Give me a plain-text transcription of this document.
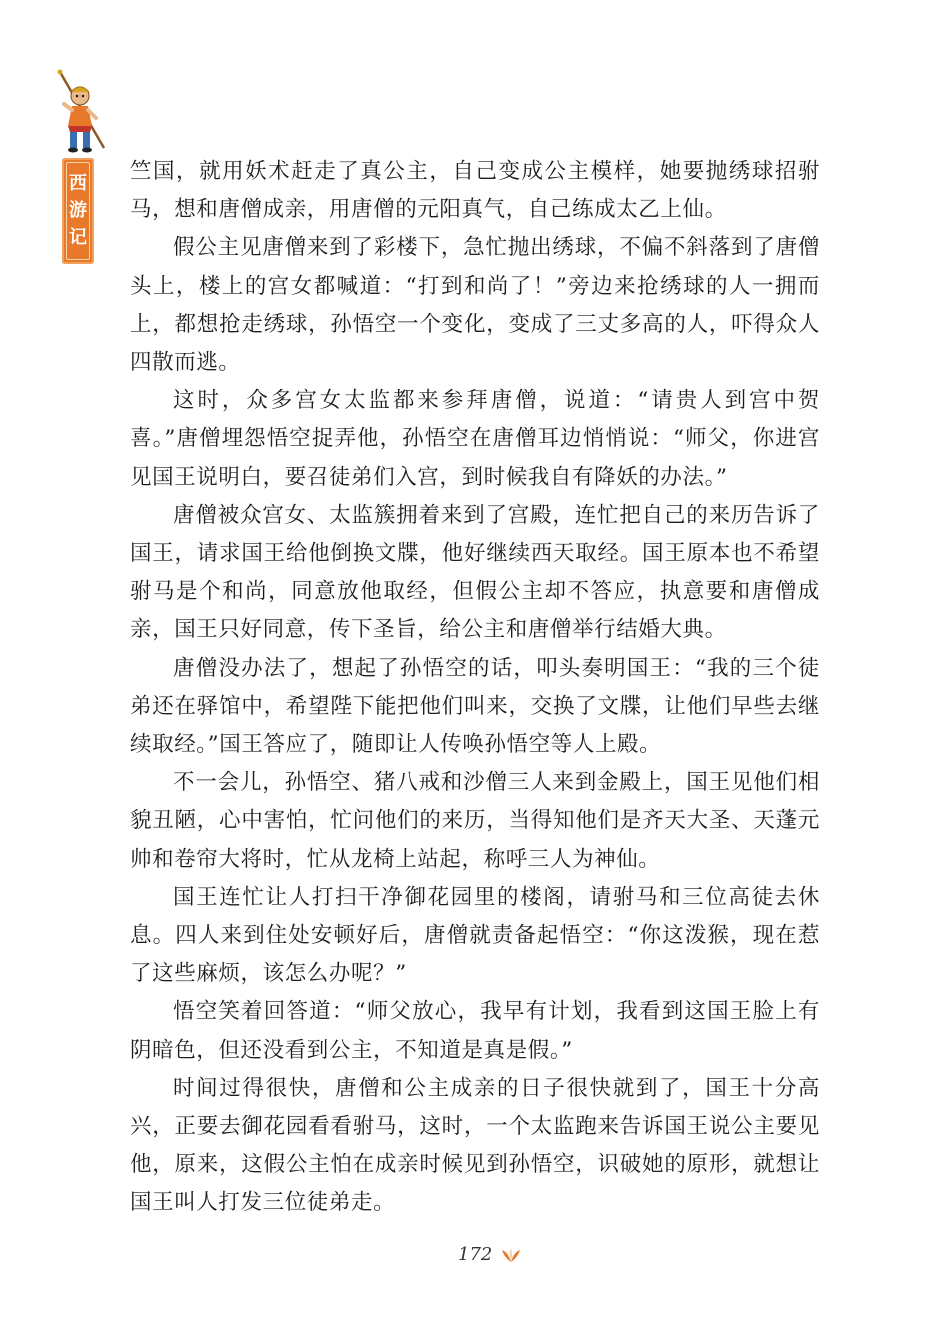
西
游
记

竺国，就用妖术赶走了真公主，自己变成公主模样，她要抛绣球招驸马，想和唐僧成亲，用唐僧的元阳真气，自己练成太乙上仙。

假公主见唐僧来到了彩楼下，急忙抛出绣球，不偏不斜落到了唐僧头上，楼上的宫女都喊道：“打到和尚了！”旁边来抢绣球的人一拥而上，都想抢走绣球，孙悟空一个变化，变成了三丈多高的人，吓得众人四散而逃。

这时，众多宫女太监都来参拜唐僧，说道：“请贵人到宫中贺喜。”唐僧埋怨悟空捉弄他，孙悟空在唐僧耳边悄悄说：“师父，你进宫见国王说明白，要召徒弟们入宫，到时候我自有降妖的办法。”

唐僧被众宫女、太监簇拥着来到了宫殿，连忙把自己的来历告诉了国王，请求国王给他倒换文牒，他好继续西天取经。国王原本也不希望驸马是个和尚，同意放他取经，但假公主却不答应，执意要和唐僧成亲，国王只好同意，传下圣旨，给公主和唐僧举行结婚大典。

唐僧没办法了，想起了孙悟空的话，叩头奏明国王：“我的三个徒弟还在驿馆中，希望陛下能把他们叫来，交换了文牒，让他们早些去继续取经。”国王答应了，随即让人传唤孙悟空等人上殿。

不一会儿，孙悟空、猪八戒和沙僧三人来到金殿上，国王见他们相貌丑陋，心中害怕，忙问他们的来历，当得知他们是齐天大圣、天蓬元帅和卷帘大将时，忙从龙椅上站起，称呼三人为神仙。

国王连忙让人打扫干净御花园里的楼阁，请驸马和三位高徒去休息。四人来到住处安顿好后，唐僧就责备起悟空：“你这泼猴，现在惹了这些麻烦，该怎么办呢？”

悟空笑着回答道：“师父放心，我早有计划，我看到这国王脸上有阴暗色，但还没看到公主，不知道是真是假。”

时间过得很快，唐僧和公主成亲的日子很快就到了，国王十分高兴，正要去御花园看看驸马，这时，一个太监跑来告诉国王说公主要见他，原来，这假公主怕在成亲时候见到孙悟空，识破她的原形，就想让国王叫人打发三位徒弟走。

172
